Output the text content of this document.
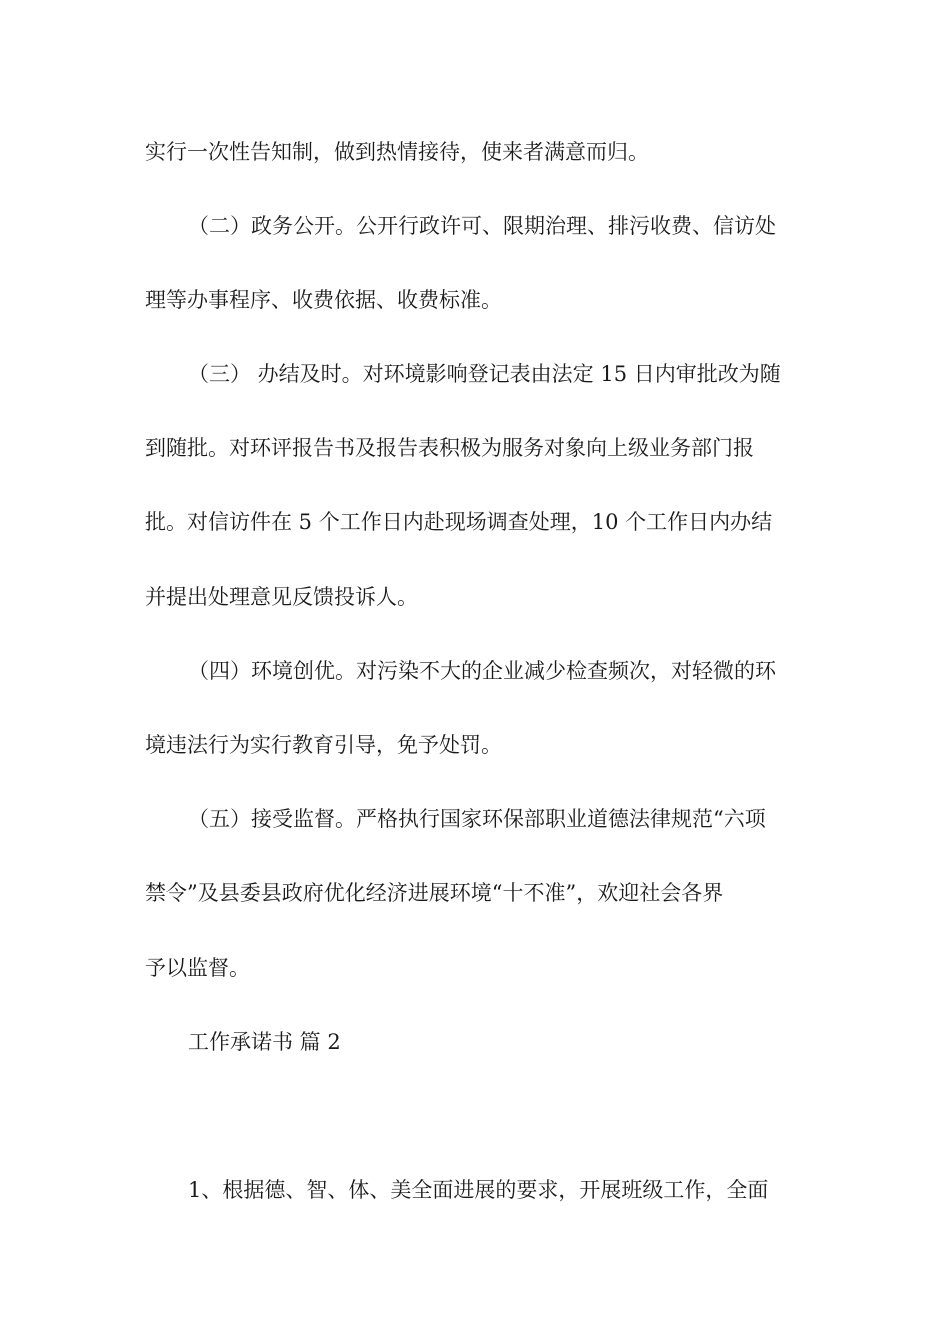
实行一次性告知制，做到热情接待，使来者满意而归。
（二）政务公开。公开行政许可、限期治理、排污收费、信访处
理等办事程序、收费依据、收费标准。
（三） 办结及时。对环境影响登记表由法定 15 日内审批改为随
到随批。对环评报告书及报告表积极为服务对象向上级业务部门报
批。对信访件在 5 个工作日内赴现场调查处理，10 个工作日内办结
并提出处理意见反馈投诉人。
（四）环境创优。对污染不大的企业减少检查频次，对轻微的环
境违法行为实行教育引导，免予处罚。
（五）接受监督。严格执行国家环保部职业道德法律规范“六项
禁令”及县委县政府优化经济进展环境“十不准”，欢迎社会各界
予以监督。
工作承诺书 篇 2
1、根据德、智、体、美全面进展的要求，开展班级工作，全面
